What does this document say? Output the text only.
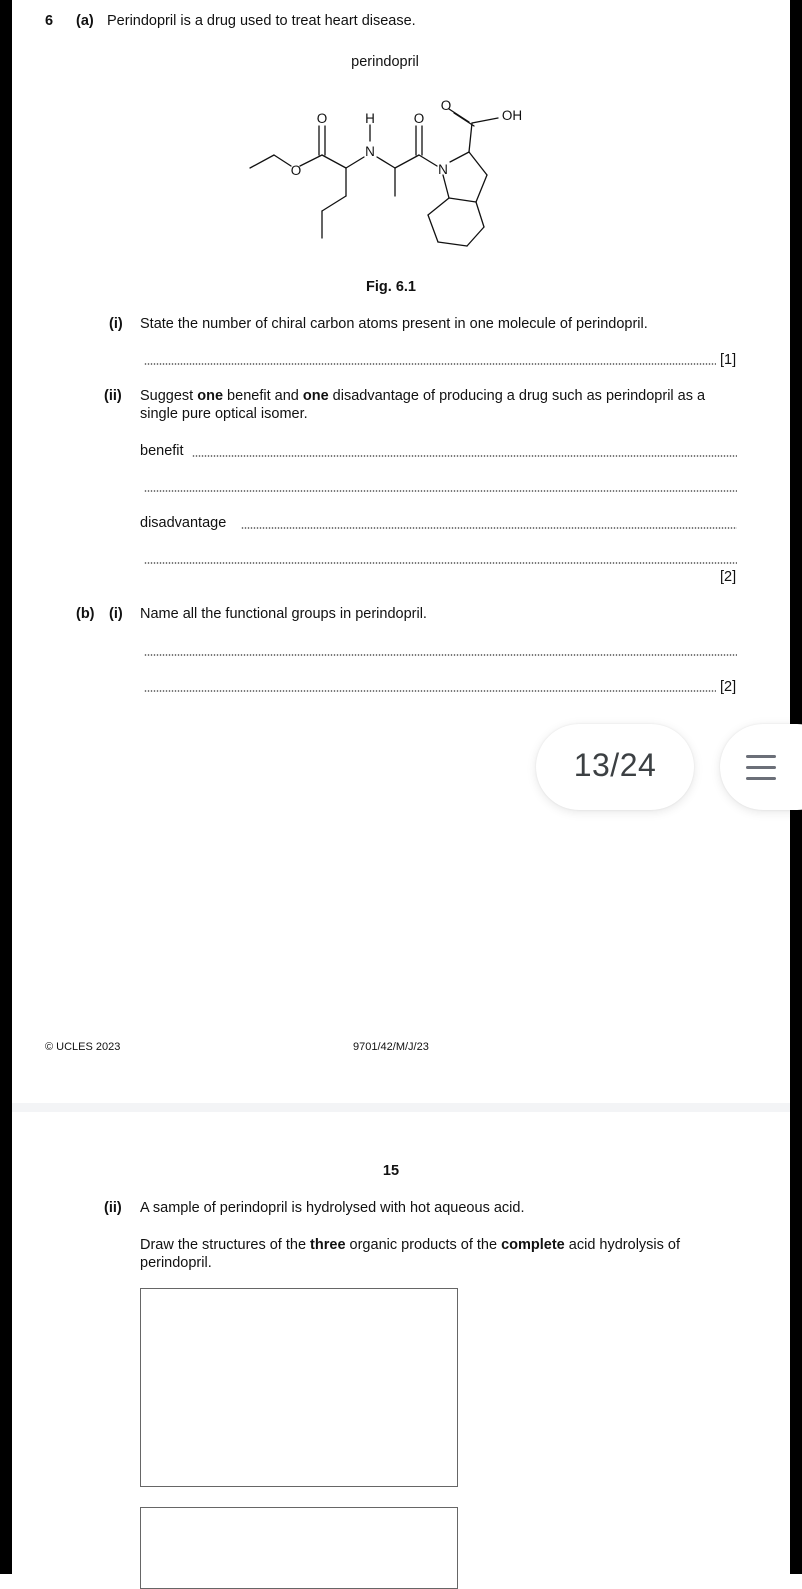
6 (a) Perindopril is a drug used to treat heart disease.
perindopril
O	H
N
O
O
OH
O	N
Fig. 6.1
(i) State the number of chiral carbon atoms present in one molecule of perindopril.
[1]
(ii) Suggest one benefit and one disadvantage of producing a drug such as perindopril as a
single pure optical isomer.
benefit
disadvantage
[2]
(b) (i) Name all the functional groups in perindopril.
[2]
13/24
© UCLES 2023	9701/42/M/J/23
15
(ii) A sample of perindopril is hydrolysed with hot aqueous acid.
Draw the structures of the three organic products of the complete acid hydrolysis of
perindopril.
